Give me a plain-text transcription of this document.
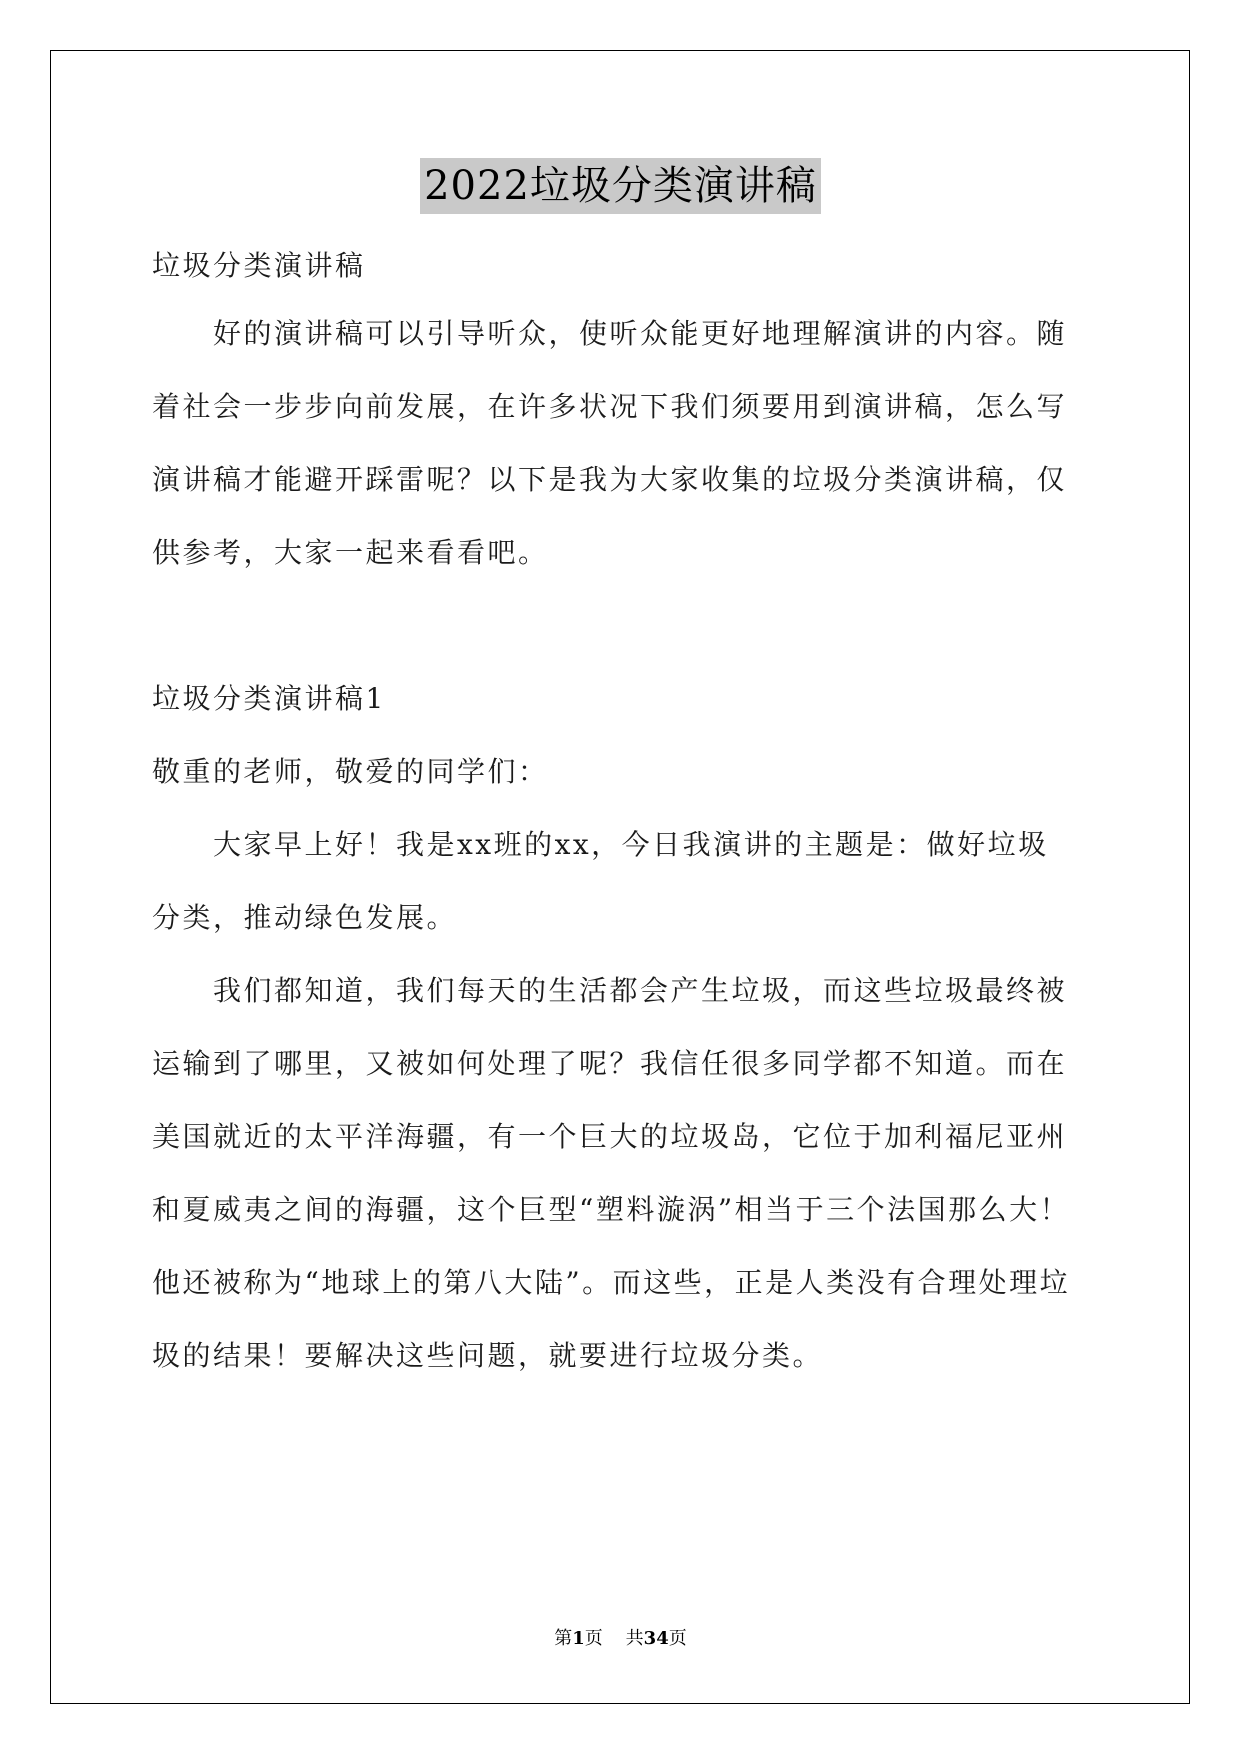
2022垃圾分类演讲稿
垃圾分类演讲稿
　　好的演讲稿可以引导听众，使听众能更好地理解演讲的内容。随
着社会一步步向前发展，在许多状况下我们须要用到演讲稿，怎么写
演讲稿才能避开踩雷呢？以下是我为大家收集的垃圾分类演讲稿，仅
供参考，大家一起来看看吧。
垃圾分类演讲稿1
敬重的老师，敬爱的同学们：
　　大家早上好！我是xx班的xx，今日我演讲的主题是：做好垃圾
分类，推动绿色发展。
　　我们都知道，我们每天的生活都会产生垃圾，而这些垃圾最终被
运输到了哪里，又被如何处理了呢？我信任很多同学都不知道。而在
美国就近的太平洋海疆，有一个巨大的垃圾岛，它位于加利福尼亚州
和夏威夷之间的海疆，这个巨型“塑料漩涡”相当于三个法国那么大！
他还被称为“地球上的第八大陆”。而这些，正是人类没有合理处理垃
圾的结果！要解决这些问题，就要进行垃圾分类。
第1页 共34页
